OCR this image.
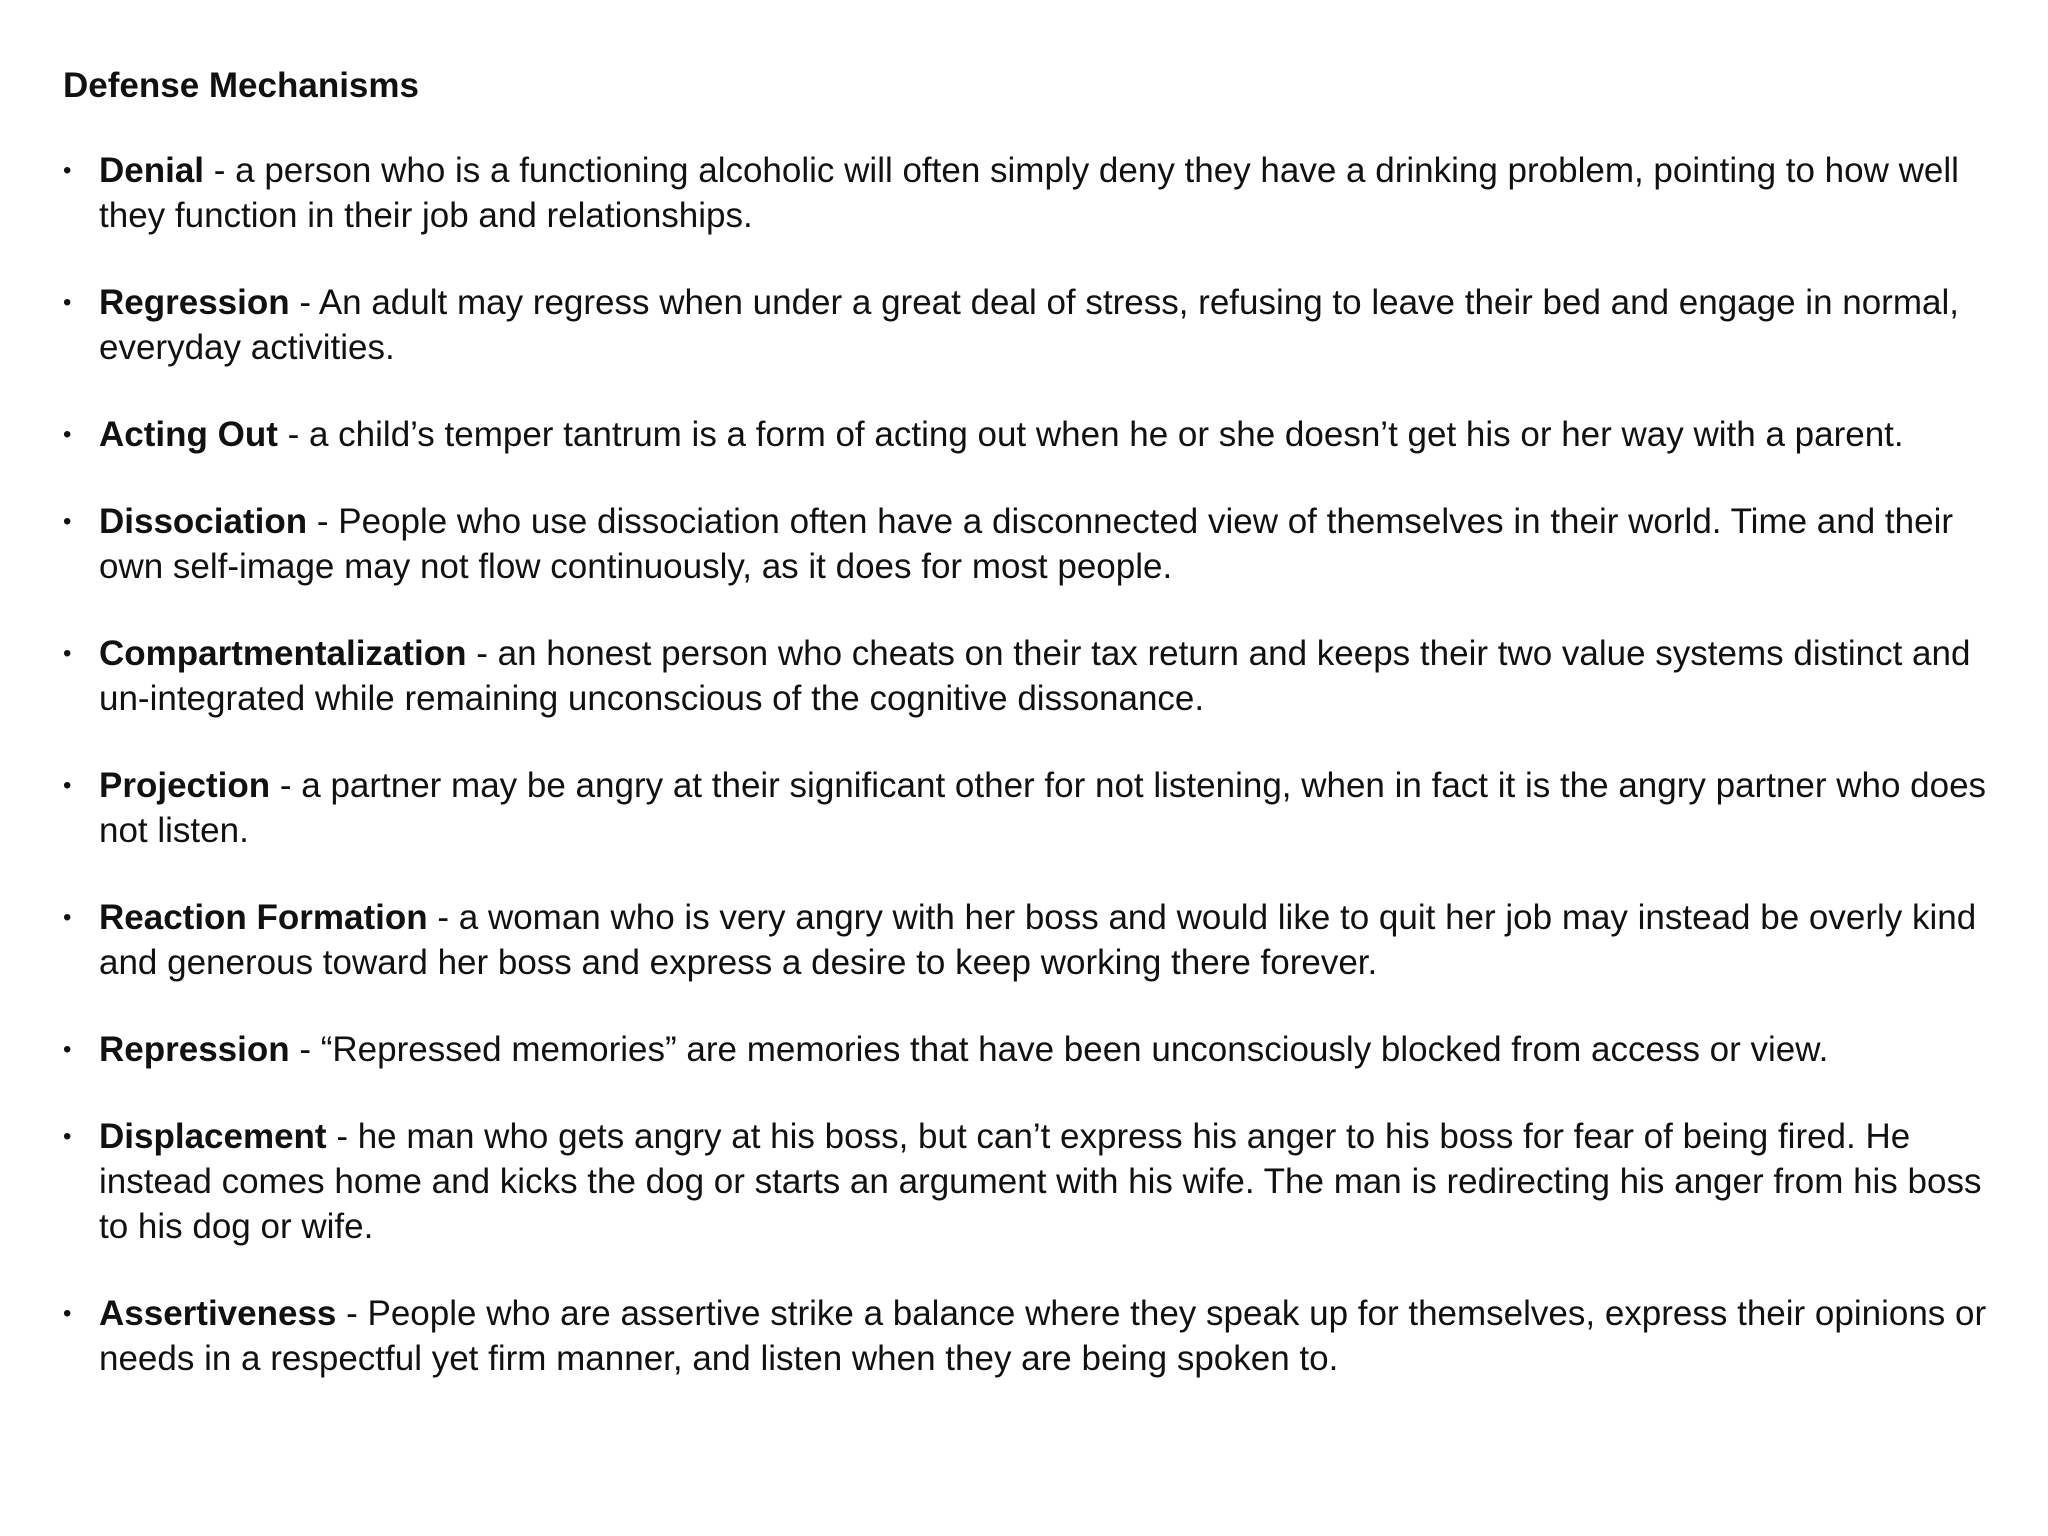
Defense Mechanisms
• Denial - a person who is a functioning alcoholic will often simply deny they have a drinking problem, pointing to how well they function in their job and relationships.
• Regression - An adult may regress when under a great deal of stress, refusing to leave their bed and engage in normal, everyday activities.
• Acting Out - a child’s temper tantrum is a form of acting out when he or she doesn’t get his or her way with a parent.
• Dissociation - People who use dissociation often have a disconnected view of themselves in their world. Time and their own self-image may not flow continuously, as it does for most people.
• Compartmentalization - an honest person who cheats on their tax return and keeps their two value systems distinct and un-integrated while remaining unconscious of the cognitive dissonance.
• Projection - a partner may be angry at their significant other for not listening, when in fact it is the angry partner who does not listen.
• Reaction Formation - a woman who is very angry with her boss and would like to quit her job may instead be overly kind and generous toward her boss and express a desire to keep working there forever.
• Repression - “Repressed memories” are memories that have been unconsciously blocked from access or view.
• Displacement - he man who gets angry at his boss, but can’t express his anger to his boss for fear of being fired. He instead comes home and kicks the dog or starts an argument with his wife. The man is redirecting his anger from his boss to his dog or wife.
• Assertiveness - People who are assertive strike a balance where they speak up for themselves, express their opinions or needs in a respectful yet firm manner, and listen when they are being spoken to.
